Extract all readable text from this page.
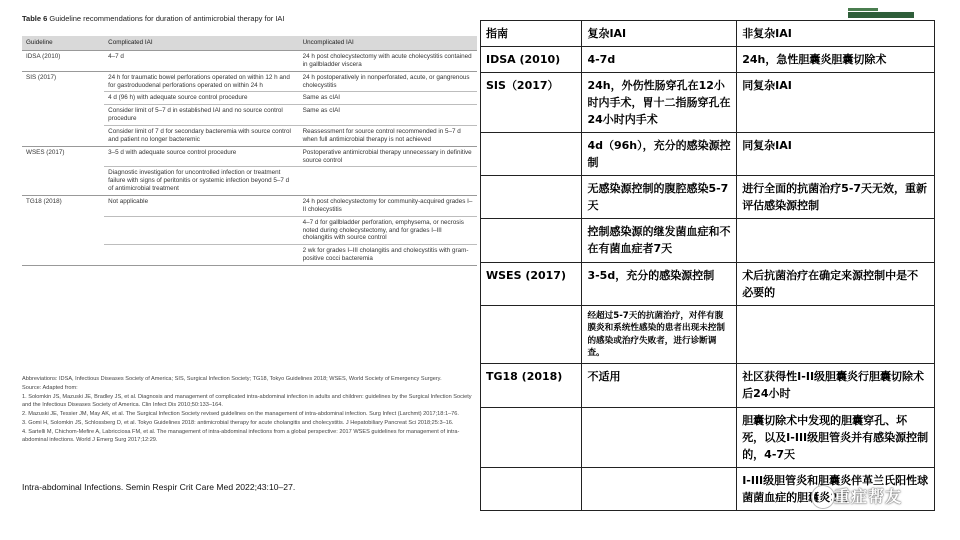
Table 6 Guideline recommendations for duration of antimicrobial therapy for IAI
Guideline	Complicated IAI	Uncomplicated IAI
IDSA (2010)	4–7 d	24 h post cholecystectomy with acute cholecystitis contained in gallbladder viscera
SIS (2017)	24 h for traumatic bowel perforations operated on within 12 h and for gastroduodenal perforations operated on within 24 h	24 h postoperatively in nonperforated, acute, or gangrenous cholecystitis
	4 d (96 h) with adequate source control procedure	Same as cIAI
	Consider limit of 5–7 d in established IAI and no source control procedure	Same as cIAI
	Consider limit of 7 d for secondary bacteremia with source control and patient no longer bacteremic	Reassessment for source control recommended in 5–7 d when full antimicrobial therapy is not achieved
WSES (2017)	3–5 d with adequate source control procedure	Postoperative antimicrobial therapy unnecessary in definitive source control
	Diagnostic investigation for uncontrolled infection or treatment failure with signs of peritonitis or systemic infection beyond 5–7 d of antimicrobial treatment	
TG18 (2018)	Not applicable	24 h post cholecystectomy for community-acquired grades I–II cholecystitis
		4–7 d for gallbladder perforation, emphysema, or necrosis noted during cholecystectomy, and for grades I–III cholangitis with source control
		2 wk for grades I–III cholangitis and cholecystitis with gram-positive cocci bacteremia

Abbreviations: IDSA, Infectious Diseases Society of America; SIS, Surgical Infection Society; TG18, Tokyo Guidelines 2018; WSES, World Society of Emergency Surgery.

Source: Adapted from:

1. Solomkin JS, Mazuski JE, Bradley JS, et al. Diagnosis and management of complicated intra-abdominal infection in adults and children: guidelines by the Surgical Infection Society and the Infectious Diseases Society of America. Clin Infect Dis 2010;50:133–164.

2. Mazuski JE, Tessier JM, May AK, et al. The Surgical Infection Society revised guidelines on the management of intra-abdominal infection. Surg Infect (Larchmt) 2017;18:1–76.

3. Gomi H, Solomkin JS, Schlossberg D, et al. Tokyo Guidelines 2018: antimicrobial therapy for acute cholangitis and cholecystitis. J Hepatobiliary Pancreat Sci 2018;25:3–16.

4. Sartelli M, Chichom-Mefire A, Labricciosa FM, et al. The management of intra-abdominal infections from a global perspective: 2017 WSES guidelines for management of intra-abdominal infections. World J Emerg Surg 2017;12:29.

Intra-abdominal Infections. Semin Respir Crit Care Med 2022;43:10–27.
指南	复杂IAI	非复杂IAI
IDSA (2010)	4-7d	24h，急性胆囊炎胆囊切除术
SIS（2017）	24h，外伤性肠穿孔在12小时内手术，胃十二指肠穿孔在24小时内手术	同复杂IAI
	4d（96h），充分的感染源控制	同复杂IAI
	无感染源控制的腹腔感染5-7天	进行全面的抗菌治疗5-7天无效，重新评估感染源控制
	控制感染源的继发菌血症和不在有菌血症者7天	
WSES (2017)	3-5d，充分的感染源控制	术后抗菌治疗在确定来源控制中是不必要的
	经超过5-7天的抗菌治疗，对伴有腹膜炎和系统性感染的患者出现未控制的感染或治疗失败者，进行诊断调查。	
TG18 (2018)	不适用	社区获得性I-II级胆囊炎行胆囊切除术后24小时
		胆囊切除术中发现的胆囊穿孔、坏死，以及I-III级胆管炎并有感染源控制的，4-7天
		I-III级胆管炎和胆囊炎伴革兰氏阳性球菌菌血症的胆囊炎2周
重症帮友
